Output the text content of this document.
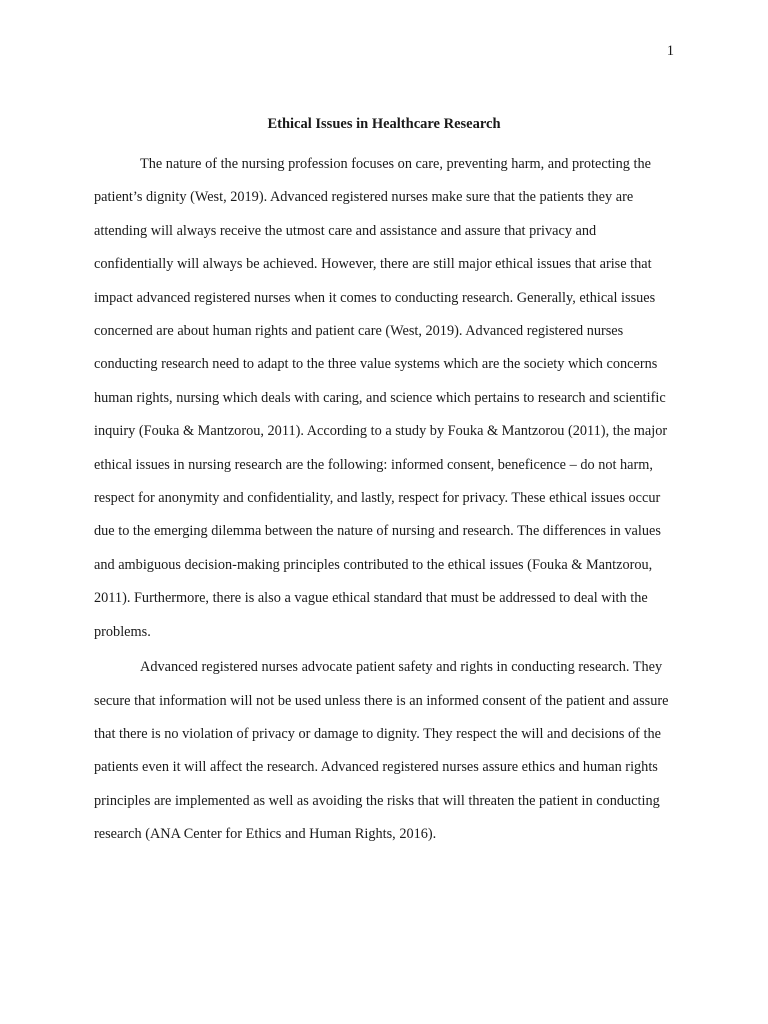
1
Ethical Issues in Healthcare Research

The nature of the nursing profession focuses on care, preventing harm, and protecting the patient’s dignity (West, 2019). Advanced registered nurses make sure that the patients they are attending will always receive the utmost care and assistance and assure that privacy and confidentially will always be achieved. However, there are still major ethical issues that arise that impact advanced registered nurses when it comes to conducting research. Generally, ethical issues concerned are about human rights and patient care (West, 2019). Advanced registered nurses conducting research need to adapt to the three value systems which are the society which concerns human rights, nursing which deals with caring, and science which pertains to research and scientific inquiry (Fouka & Mantzorou, 2011). According to a study by Fouka & Mantzorou (2011), the major ethical issues in nursing research are the following: informed consent, beneficence – do not harm, respect for anonymity and confidentiality, and lastly, respect for privacy. These ethical issues occur due to the emerging dilemma between the nature of nursing and research. The differences in values and ambiguous decision-making principles contributed to the ethical issues (Fouka & Mantzorou, 2011). Furthermore, there is also a vague ethical standard that must be addressed to deal with the problems.

Advanced registered nurses advocate patient safety and rights in conducting research. They secure that information will not be used unless there is an informed consent of the patient and assure that there is no violation of privacy or damage to dignity. They respect the will and decisions of the patients even it will affect the research. Advanced registered nurses assure ethics and human rights principles are implemented as well as avoiding the risks that will threaten the patient in conducting research (ANA Center for Ethics and Human Rights, 2016).
